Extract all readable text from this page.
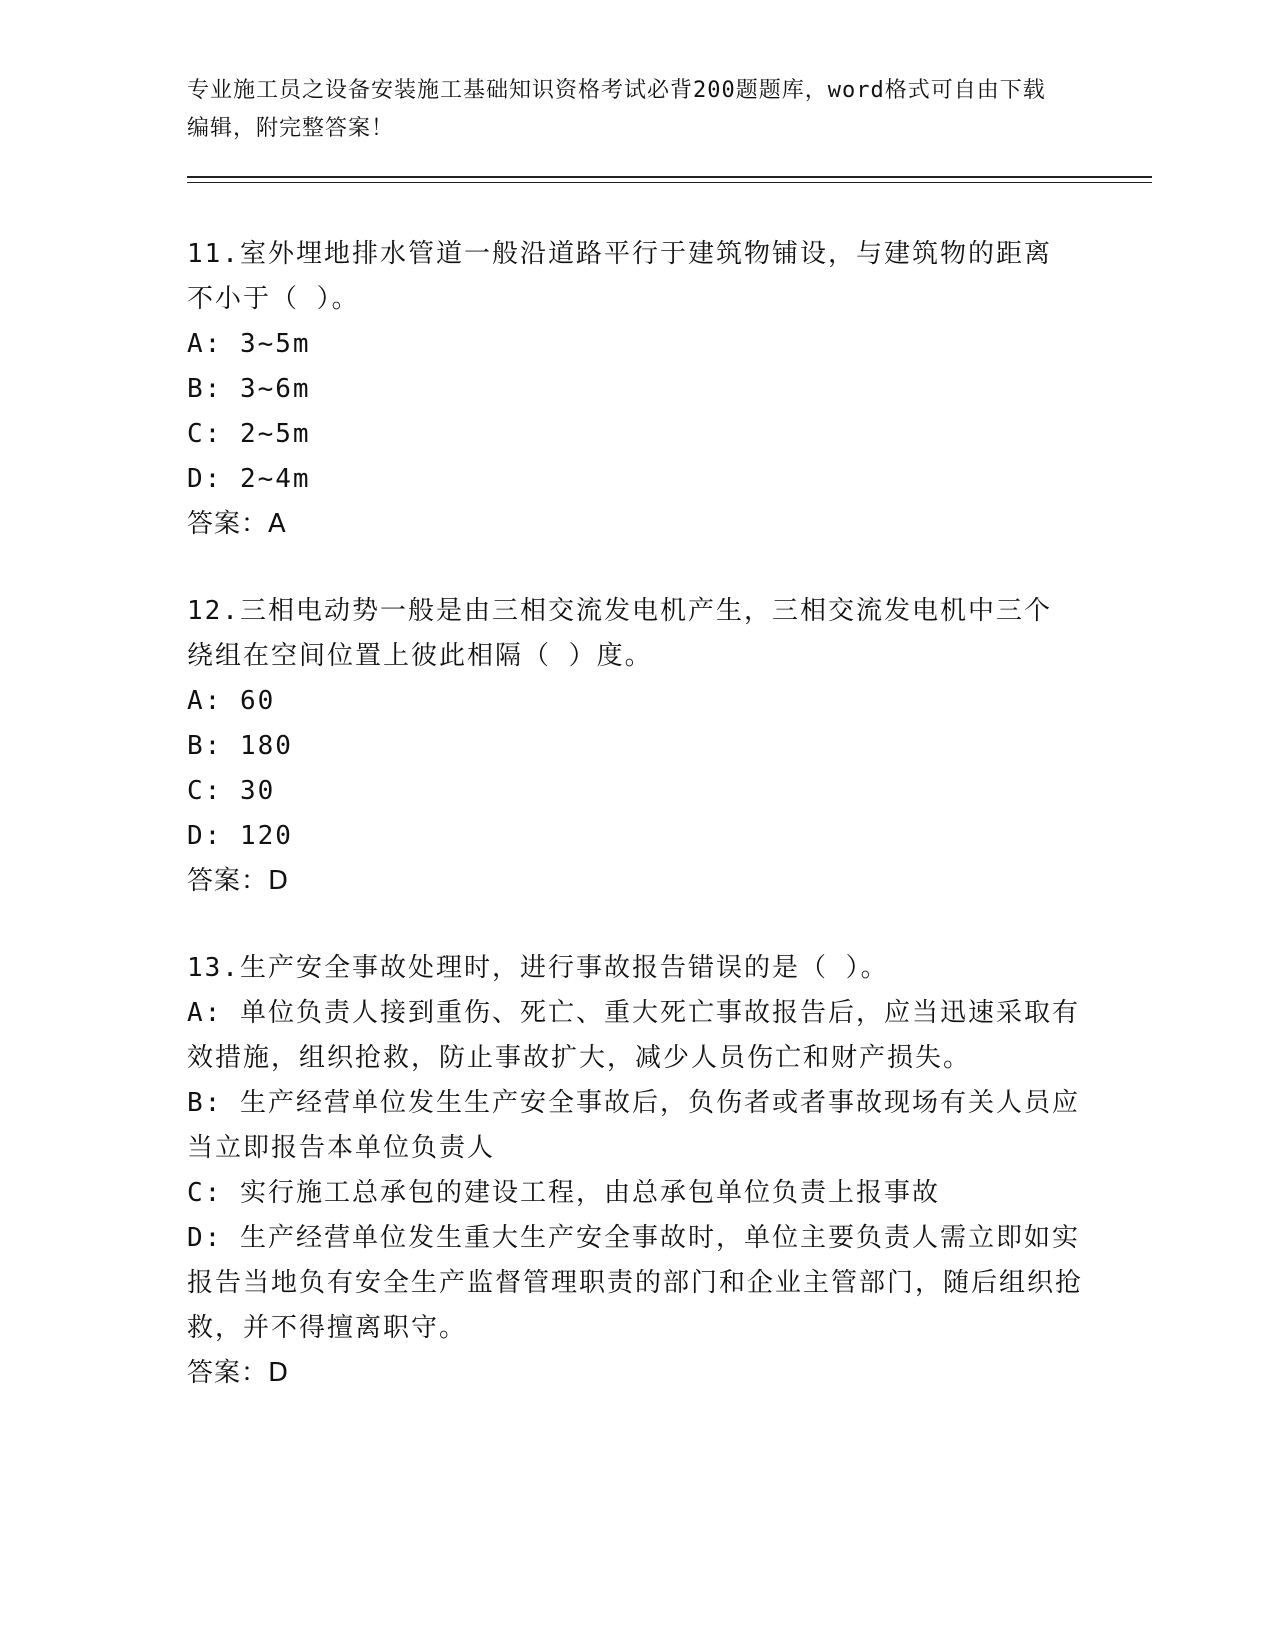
专业施工员之设备安装施工基础知识资格考试必背200题题库，word格式可自由下载编辑，附完整答案！

11.室外埋地排水管道一般沿道路平行于建筑物铺设，与建筑物的距离不小于（ ）。

A: 3~5m

B: 3~6m

C: 2~5m

D: 2~4m

答案：A

12.三相电动势一般是由三相交流发电机产生，三相交流发电机中三个绕组在空间位置上彼此相隔（ ）度。

A: 60

B: 180

C: 30

D: 120

答案：D

13.生产安全事故处理时，进行事故报告错误的是（ ）。

A: 单位负责人接到重伤、死亡、重大死亡事故报告后，应当迅速采取有效措施，组织抢救，防止事故扩大，减少人员伤亡和财产损失。

B: 生产经营单位发生生产安全事故后，负伤者或者事故现场有关人员应当立即报告本单位负责人

C: 实行施工总承包的建设工程，由总承包单位负责上报事故

D: 生产经营单位发生重大生产安全事故时，单位主要负责人需立即如实报告当地负有安全生产监督管理职责的部门和企业主管部门，随后组织抢救，并不得擅离职守。

答案：D
